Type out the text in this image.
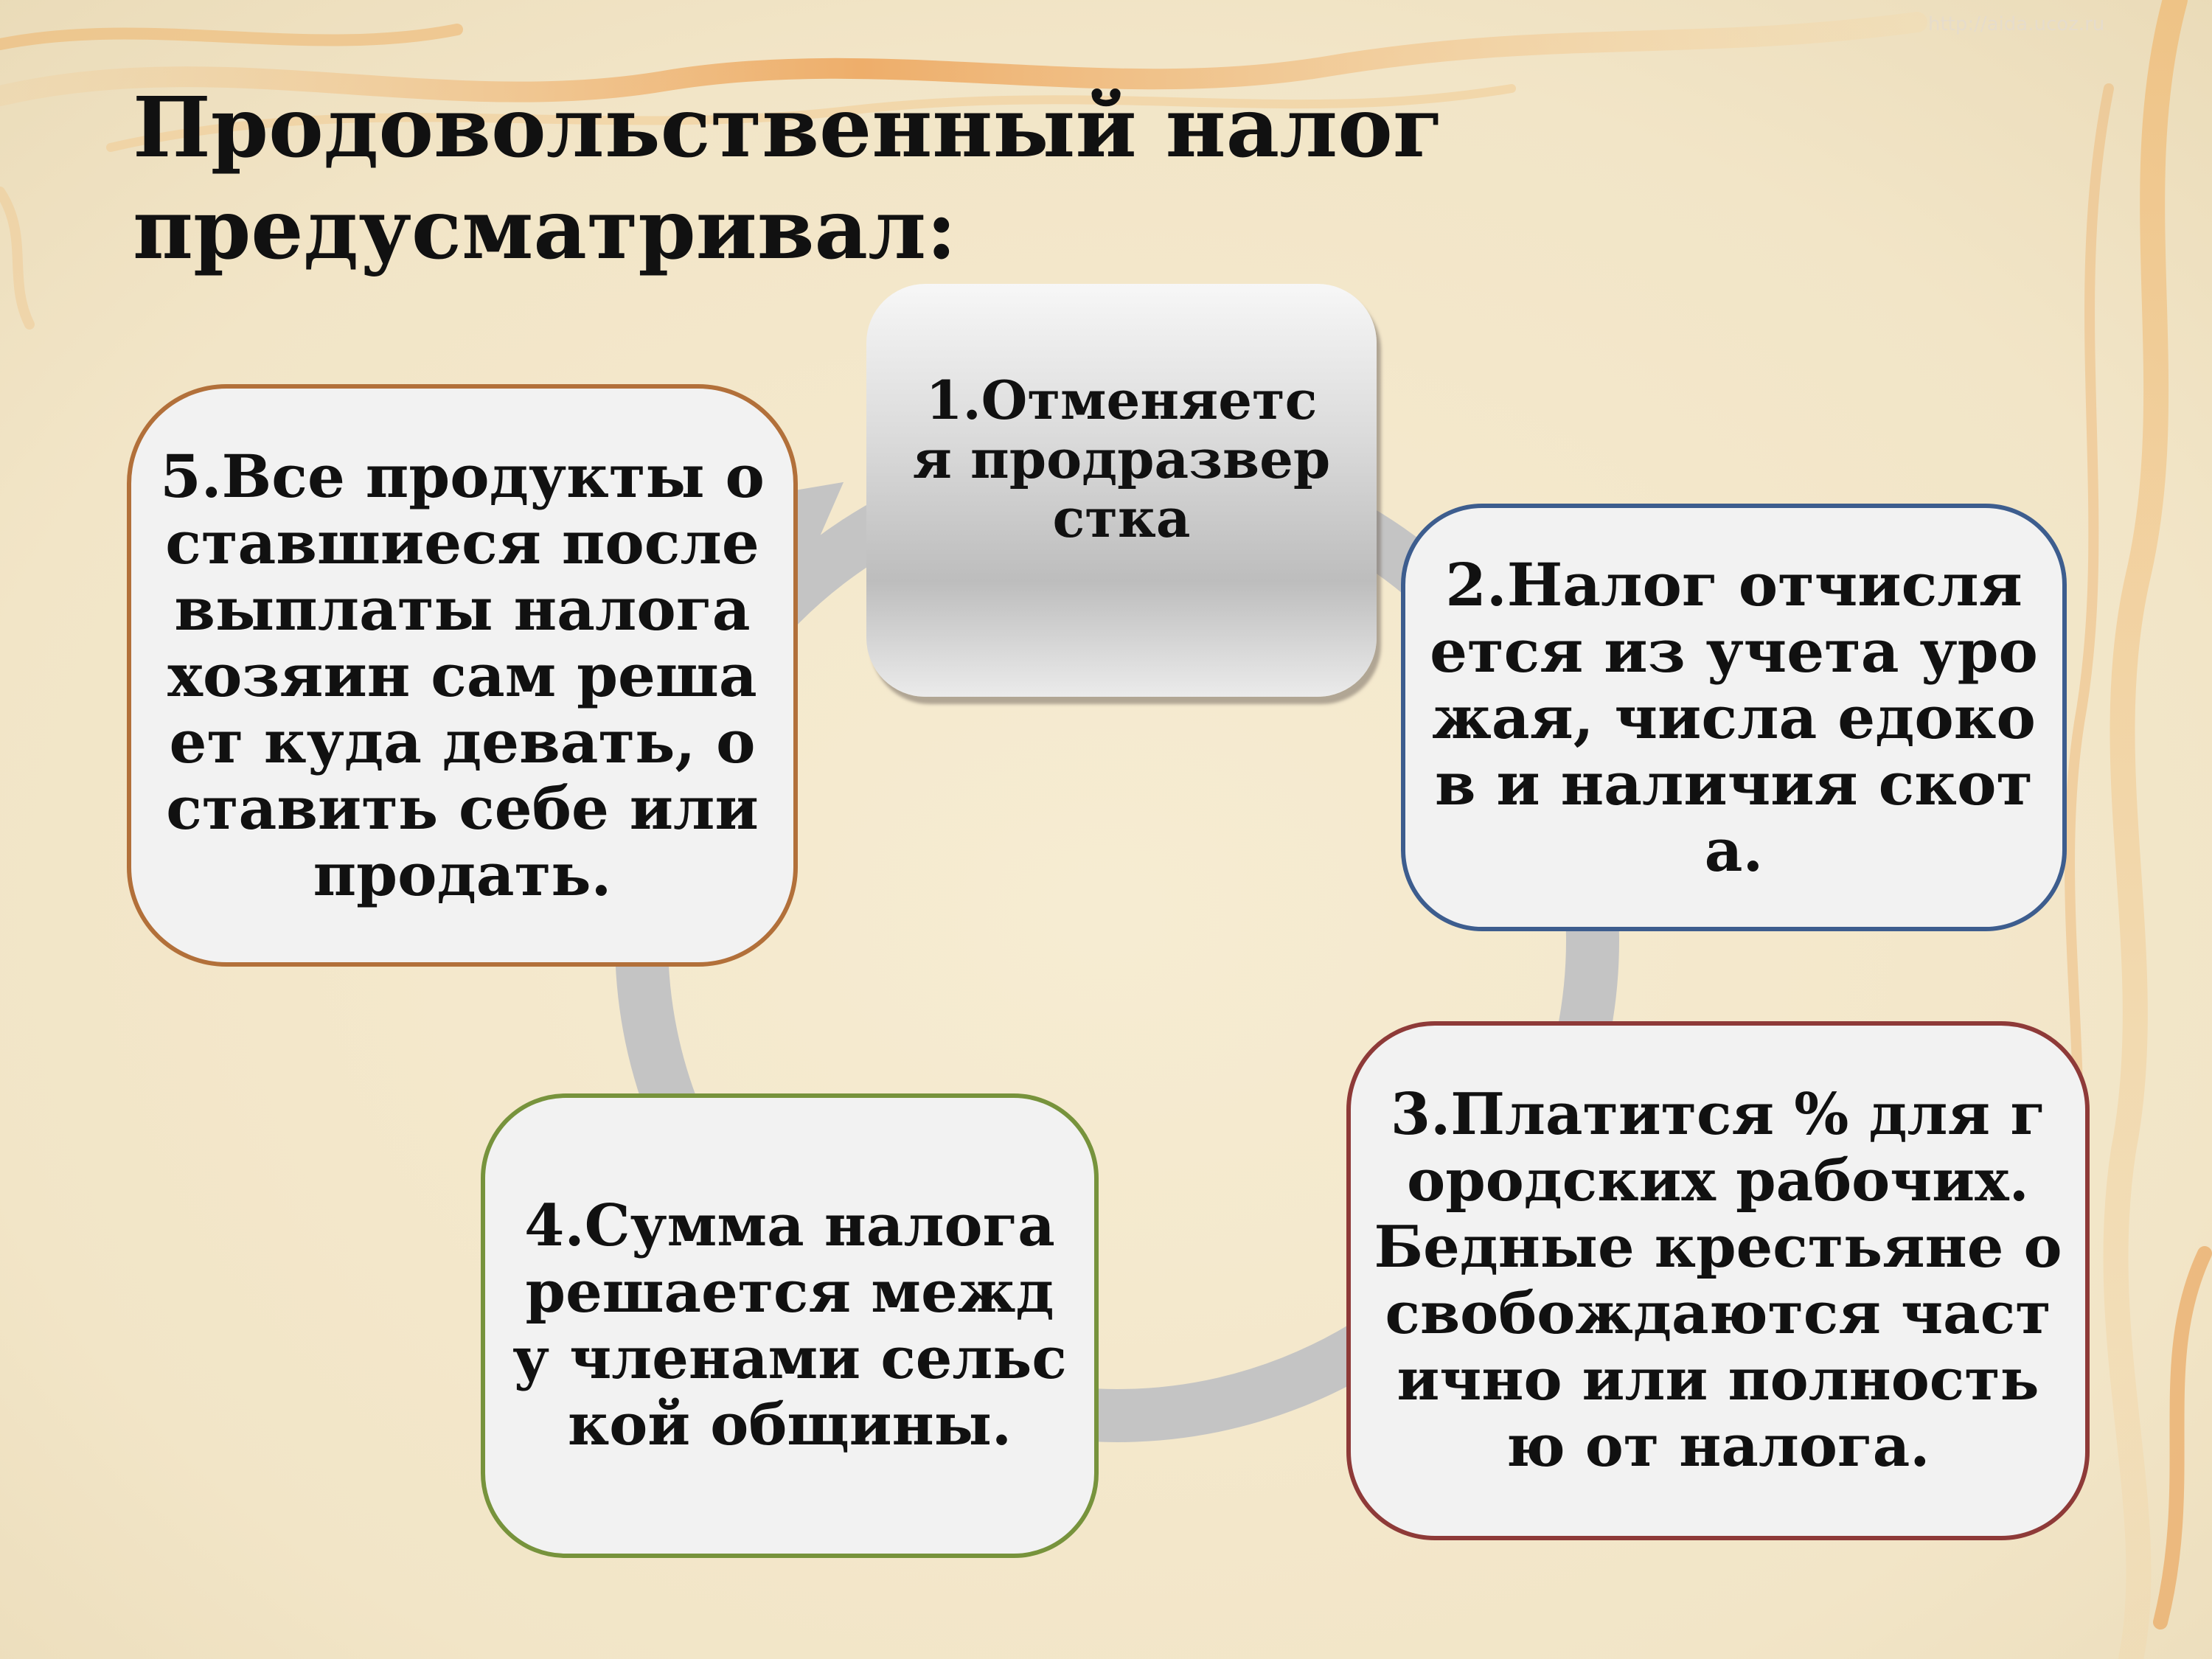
http://aida.ucoz.ru
Продовольственный налог предусматривал:
1.Отменяется продразверстка
2.Налог отчисляется из учета урожая, числа едоков и наличия скота.
3.Платится % для городских рабочих. Бедные крестьяне освобождаются частично или полностью от налога.
4.Сумма налога решается между членами сельской общины.
5.Все продукты оставшиеся после выплаты налога хозяин сам решает куда девать, оставить себе или продать.
